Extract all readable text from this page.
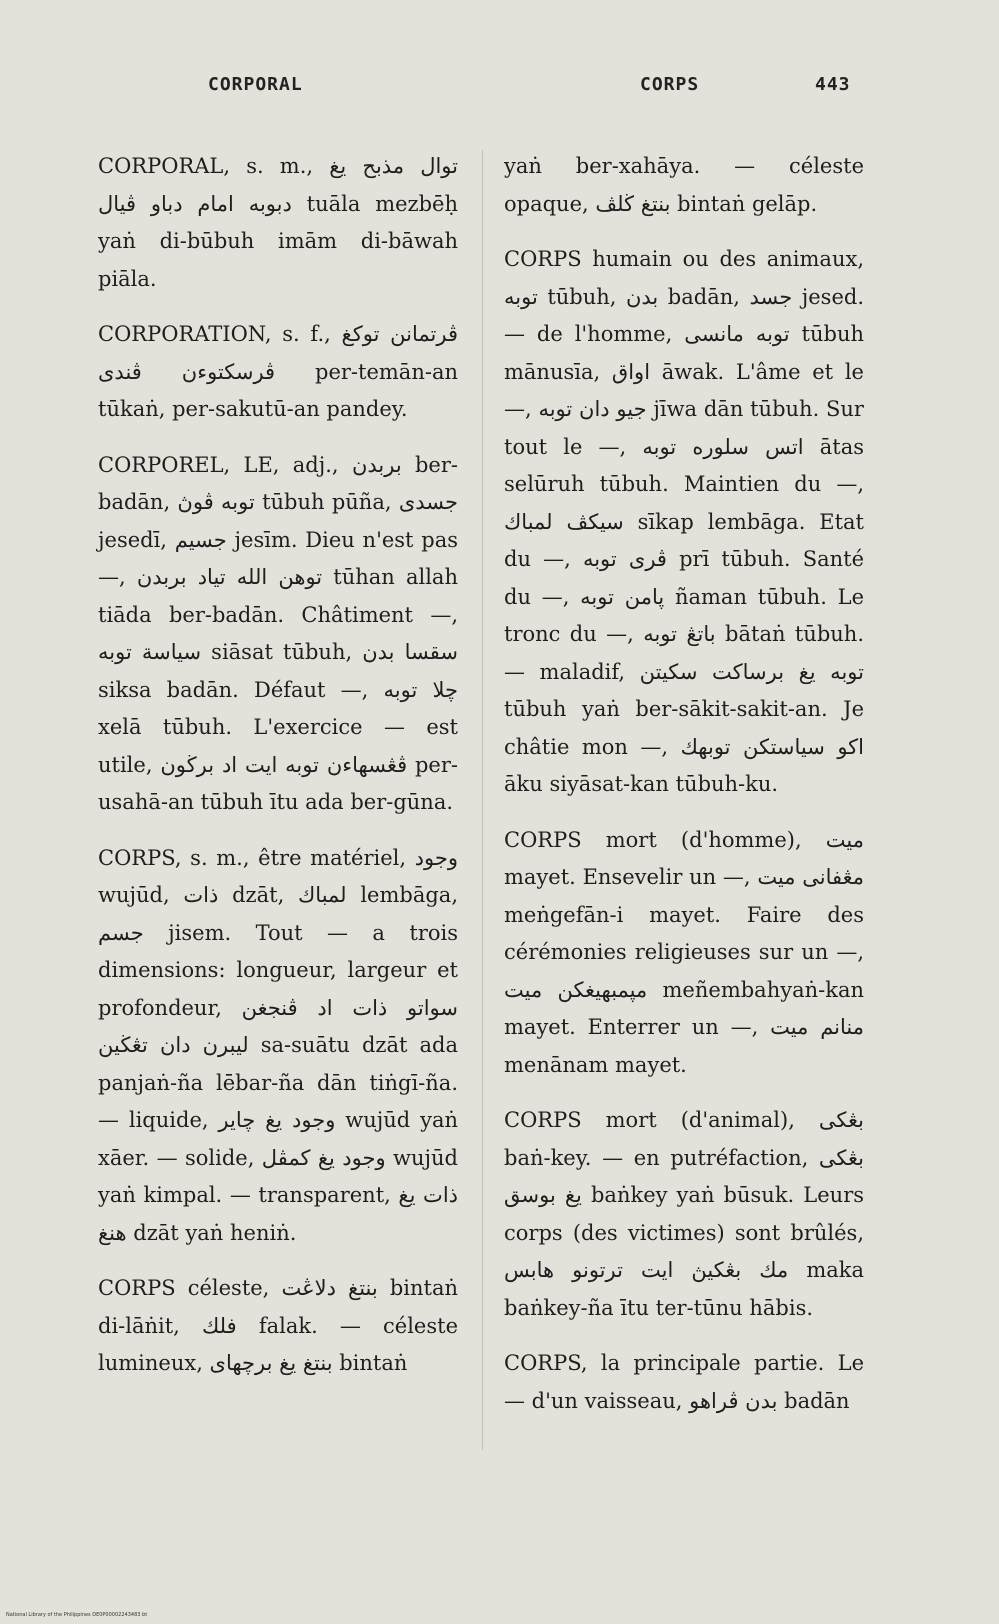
CORPORAL	CORPS	443

CORPORAL, s. m., توال مذبح يغ دبوبه امام دباو ڤيال tuāla mezbēḥ yaṅ di-būbuh imām di-bāwah piāla.

CORPORATION, s. f., ڤرتمانن توكغ ڤرسكتوءن ڤندى per-temān-an tūkaṅ, per-sakutū-an pandey.

CORPOREL, LE, adj., بربدن ber-badān, توبه ڤوڽ tūbuh pūña, جسدى jesedī, جسيم jesīm. Dieu n'est pas —, توهن الله تياد بربدن tūhan allah tiāda ber-badān. Châtiment —, سياسة توبه siāsat tūbuh, سقسا بدن siksa badān. Défaut —, چلا توبه xelā tūbuh. L'exercice — est utile, ڤڠسهاءن توبه ايت اد برڬون per-usahā-an tūbuh ītu ada ber-gūna.

CORPS, s. m., être matériel, وجود wujūd, ذات dzāt, لمباك lembāga, جسم jisem. Tout — a trois dimensions: longueur, largeur et profondeur, سواتو ذات اد ڤنجغن ليبرن دان تڠڬين sa-suātu dzāt ada panjaṅ-ña lēbar-ña dān tiṅgī-ña. — liquide, وجود يغ چاير wujūd yaṅ xāer. — solide, وجود يغ كمڤل wujūd yaṅ kimpal. — transparent, ذات يغ هنغ dzāt yaṅ heniṅ.

CORPS céleste, بنتغ دلاڠت bintaṅ di-lāṅit, فلك falak. — céleste lumineux, بنتغ يغ برچهاى bintaṅ

yaṅ ber-xahāya. — céleste opaque, بنتغ ڬلڤ bintaṅ gelāp.

CORPS humain ou des animaux, توبه tūbuh, بدن badān, جسد jesed. — de l'homme, توبه مانسى tūbuh mānusīa, اواق āwak. L'âme et le —, جيو دان توبه jīwa dān tūbuh. Sur tout le —, اتس سلوره توبه ātas selūruh tūbuh. Maintien du —, سيكڤ لمباك sīkap lembāga. Etat du —, ڤرى توبه prī tūbuh. Santé du —, ڽامن توبه ñaman tūbuh. Le tronc du —, باتڠ توبه bātaṅ tūbuh. — maladif, توبه يغ برساكت سكيتن tūbuh yaṅ ber-sākit-sakit-an. Je châtie mon —, اكو سياستكن توبهك āku siyāsat-kan tūbuh-ku.

CORPS mort (d'homme), ميت mayet. Ensevelir un —, مڠفانى ميت meṅgefān-i mayet. Faire des cérémonies religieuses sur un —, مڽمبهيغكن ميت meñembahyaṅ-kan mayet. Enterrer un —, منانم ميت menānam mayet.

CORPS mort (d'animal), بڠكى baṅ-key. — en putréfaction, بڠكى يغ بوسق baṅkey yaṅ būsuk. Leurs corps (des victimes) sont brûlés, مك بڠكيڽ ايت ترتونو هابس maka baṅkey-ña ītu ter-tūnu hābis.

CORPS, la principale partie. Le — d'un vaisseau, بدن ڤراهو badān

National Library of the Philippines DE0P00002243483 bt
